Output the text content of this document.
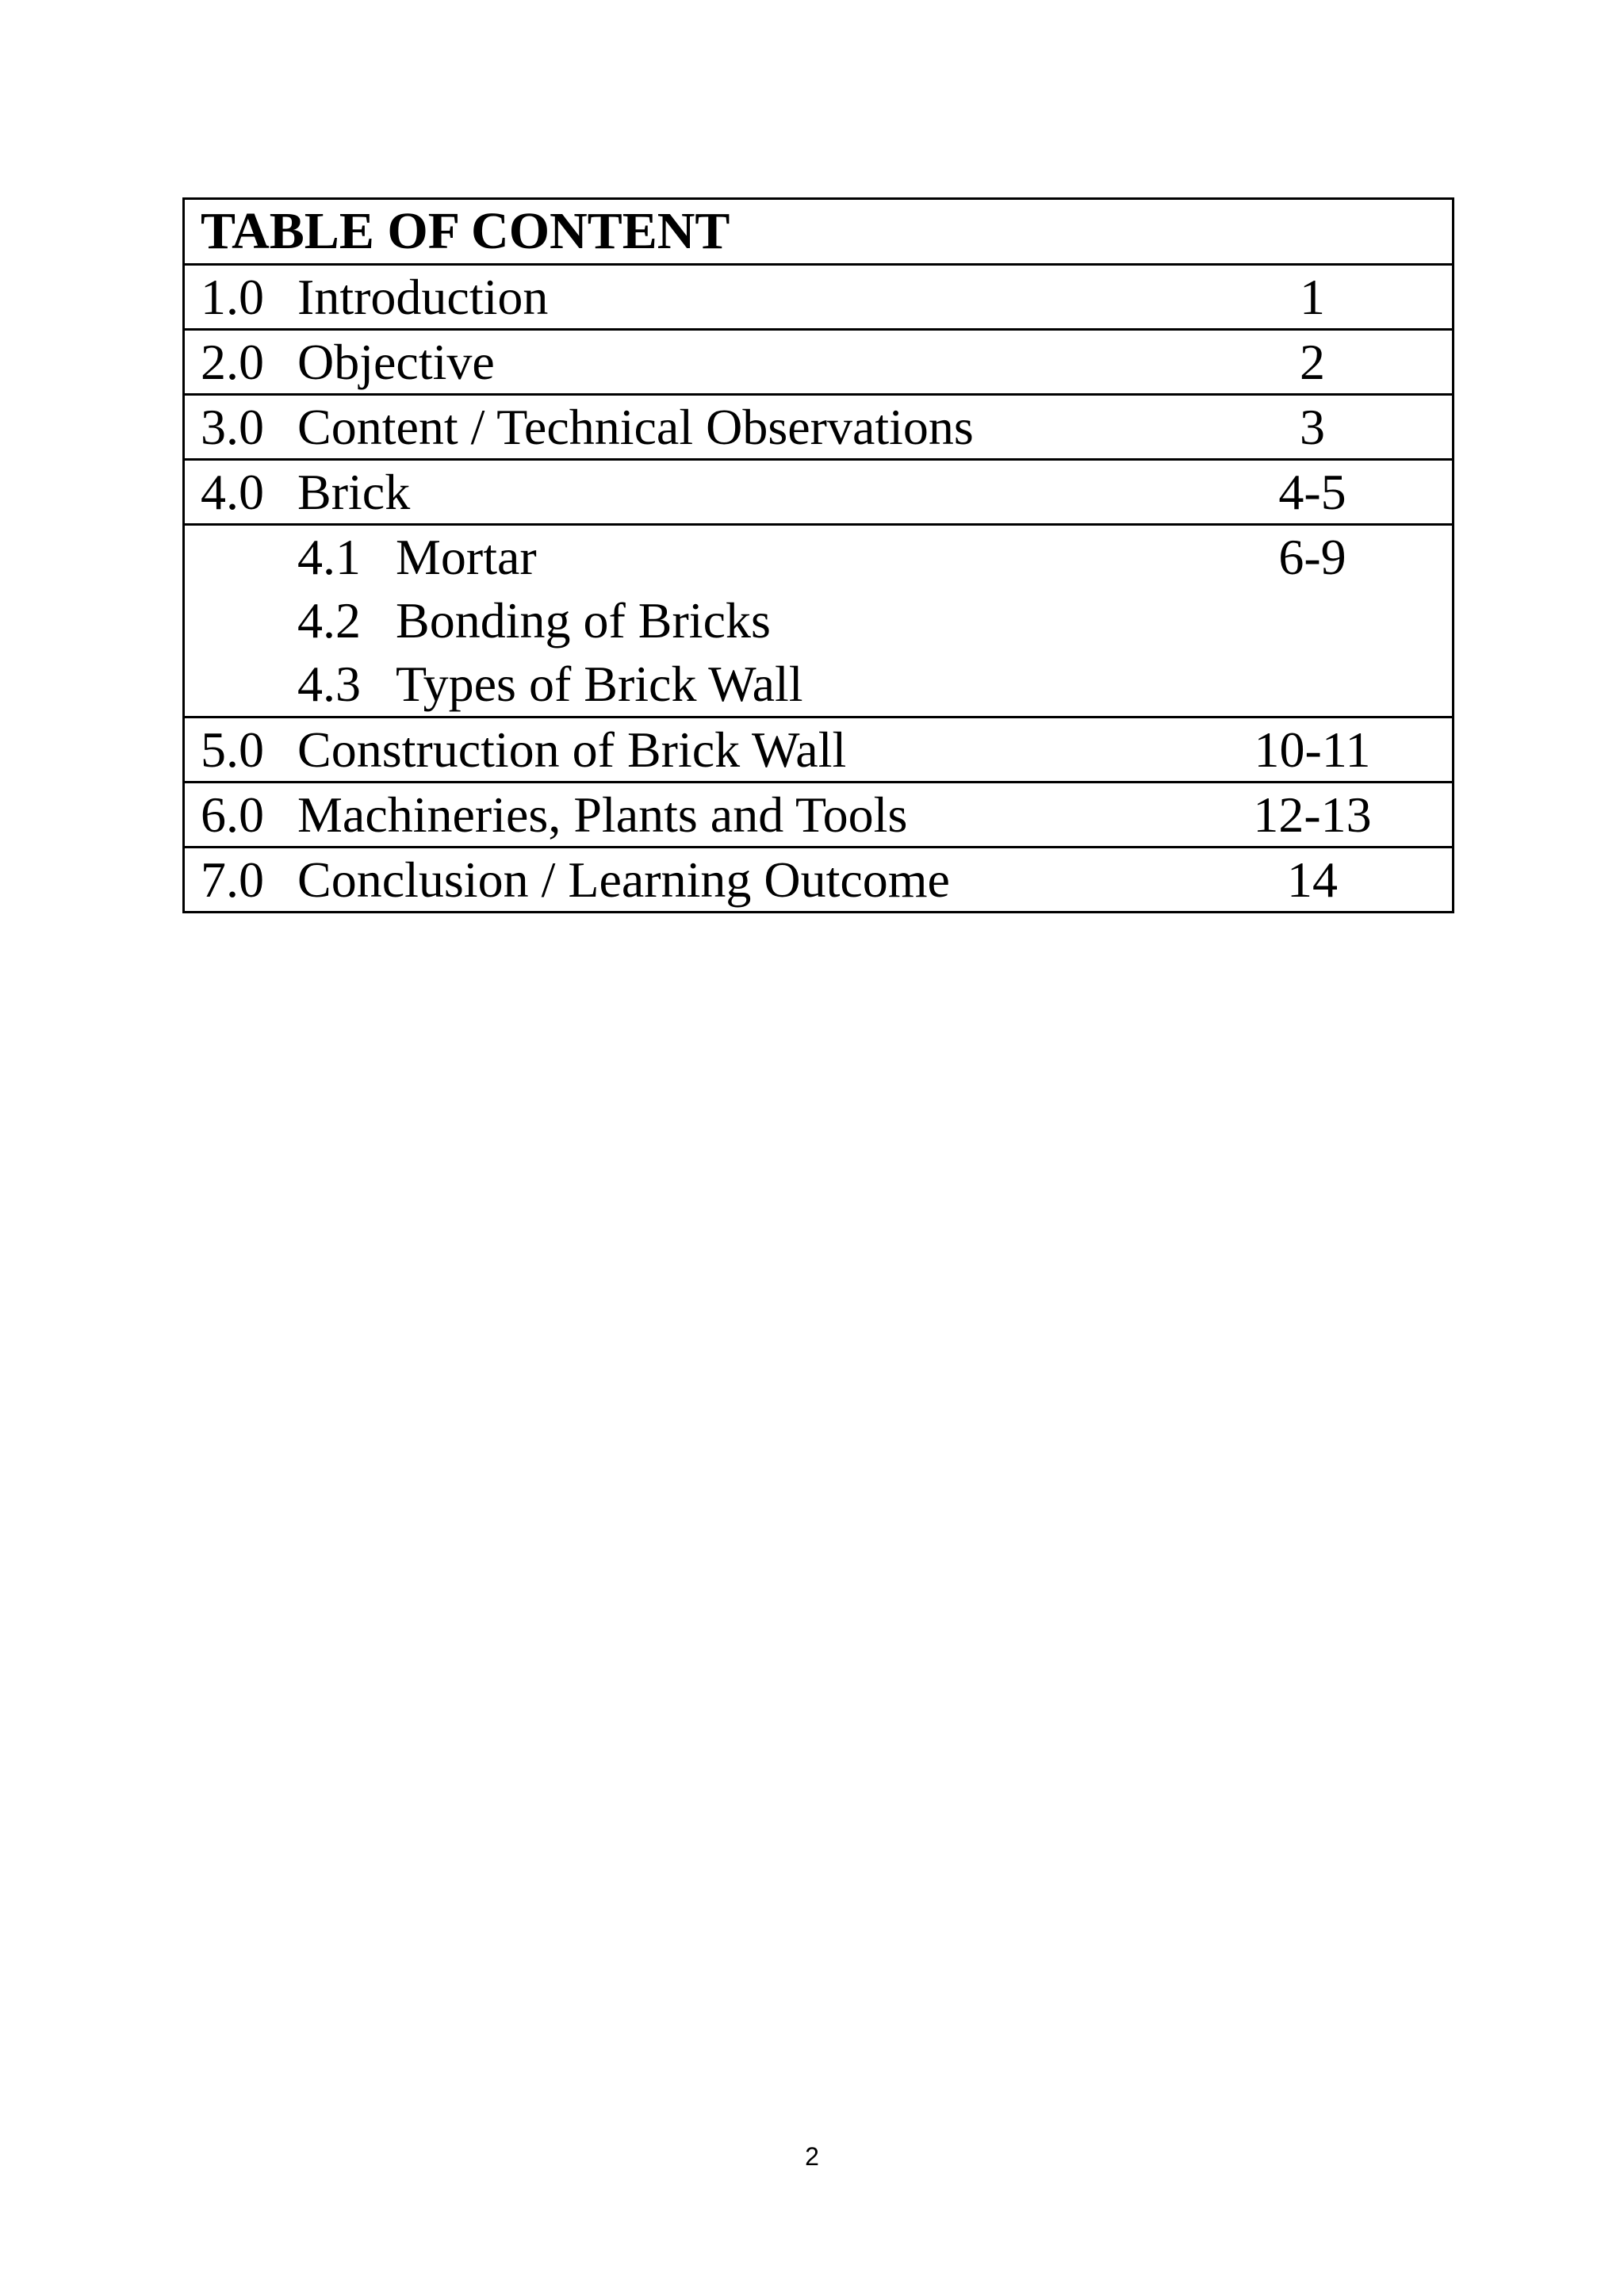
TABLE OF CONTENT

1.0 Introduction	1

2.0 Objective	2

3.0 Content / Technical Observations	3

4.0 Brick	4-5

4.1 Mortar	6-9
4.2 Bonding of Bricks
4.3 Types of Brick Wall

5.0 Construction of Brick Wall	10-11

6.0 Machineries, Plants and Tools	12-13

7.0 Conclusion / Learning Outcome	14
2
